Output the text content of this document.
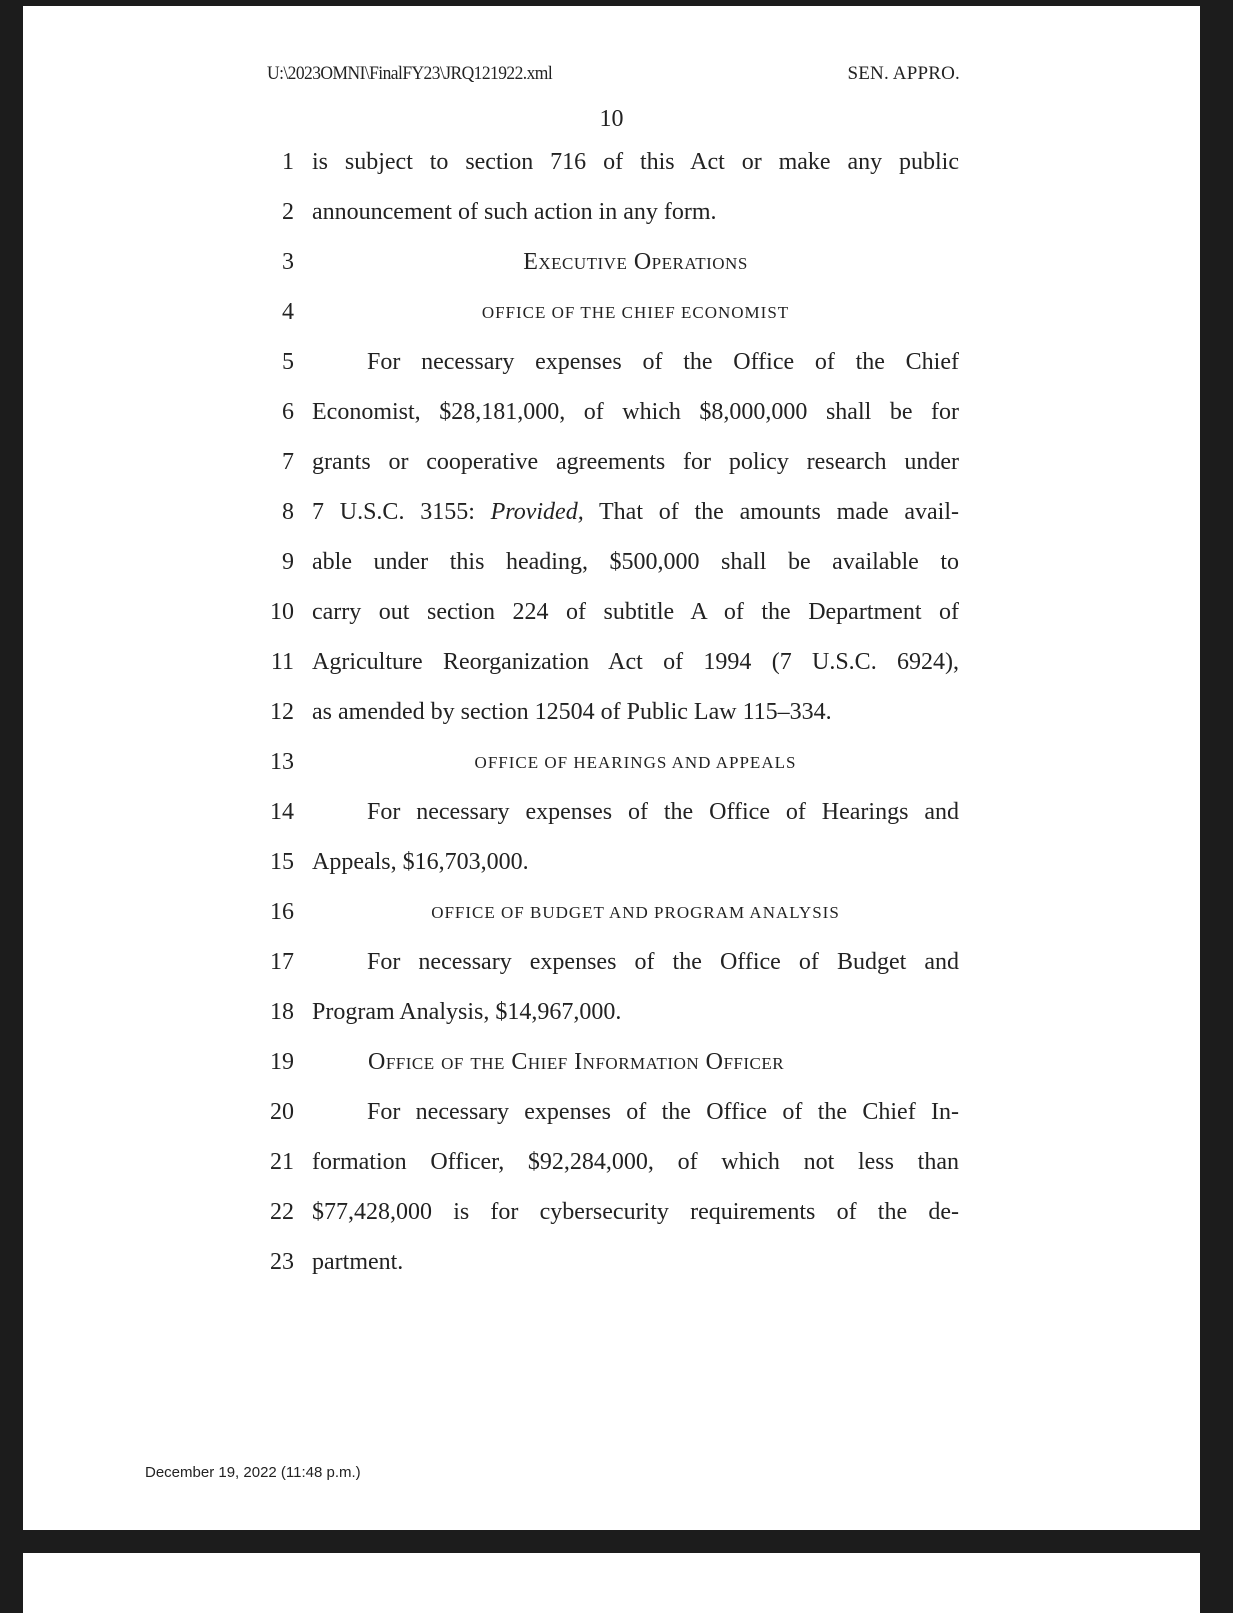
U:\2023OMNI\FinalFY23\JRQ121922.xml	SEN. APPRO.
10
1 is subject to section 716 of this Act or make any public
2 announcement of such action in any form.
3	Executive Operations
4	OFFICE OF THE CHIEF ECONOMIST
5	For necessary expenses of the Office of the Chief
6 Economist, $28,181,000, of which $8,000,000 shall be for
7 grants or cooperative agreements for policy research under
8 7 U.S.C. 3155: Provided, That of the amounts made avail-
9 able under this heading, $500,000 shall be available to
10 carry out section 224 of subtitle A of the Department of
11 Agriculture Reorganization Act of 1994 (7 U.S.C. 6924),
12 as amended by section 12504 of Public Law 115–334.
13	OFFICE OF HEARINGS AND APPEALS
14	For necessary expenses of the Office of Hearings and
15 Appeals, $16,703,000.
16	OFFICE OF BUDGET AND PROGRAM ANALYSIS
17	For necessary expenses of the Office of Budget and
18 Program Analysis, $14,967,000.
19	Office of the Chief Information Officer
20	For necessary expenses of the Office of the Chief In-
21 formation Officer, $92,284,000, of which not less than
22 $77,428,000 is for cybersecurity requirements of the de-
23 partment.
December 19, 2022 (11:48 p.m.)
